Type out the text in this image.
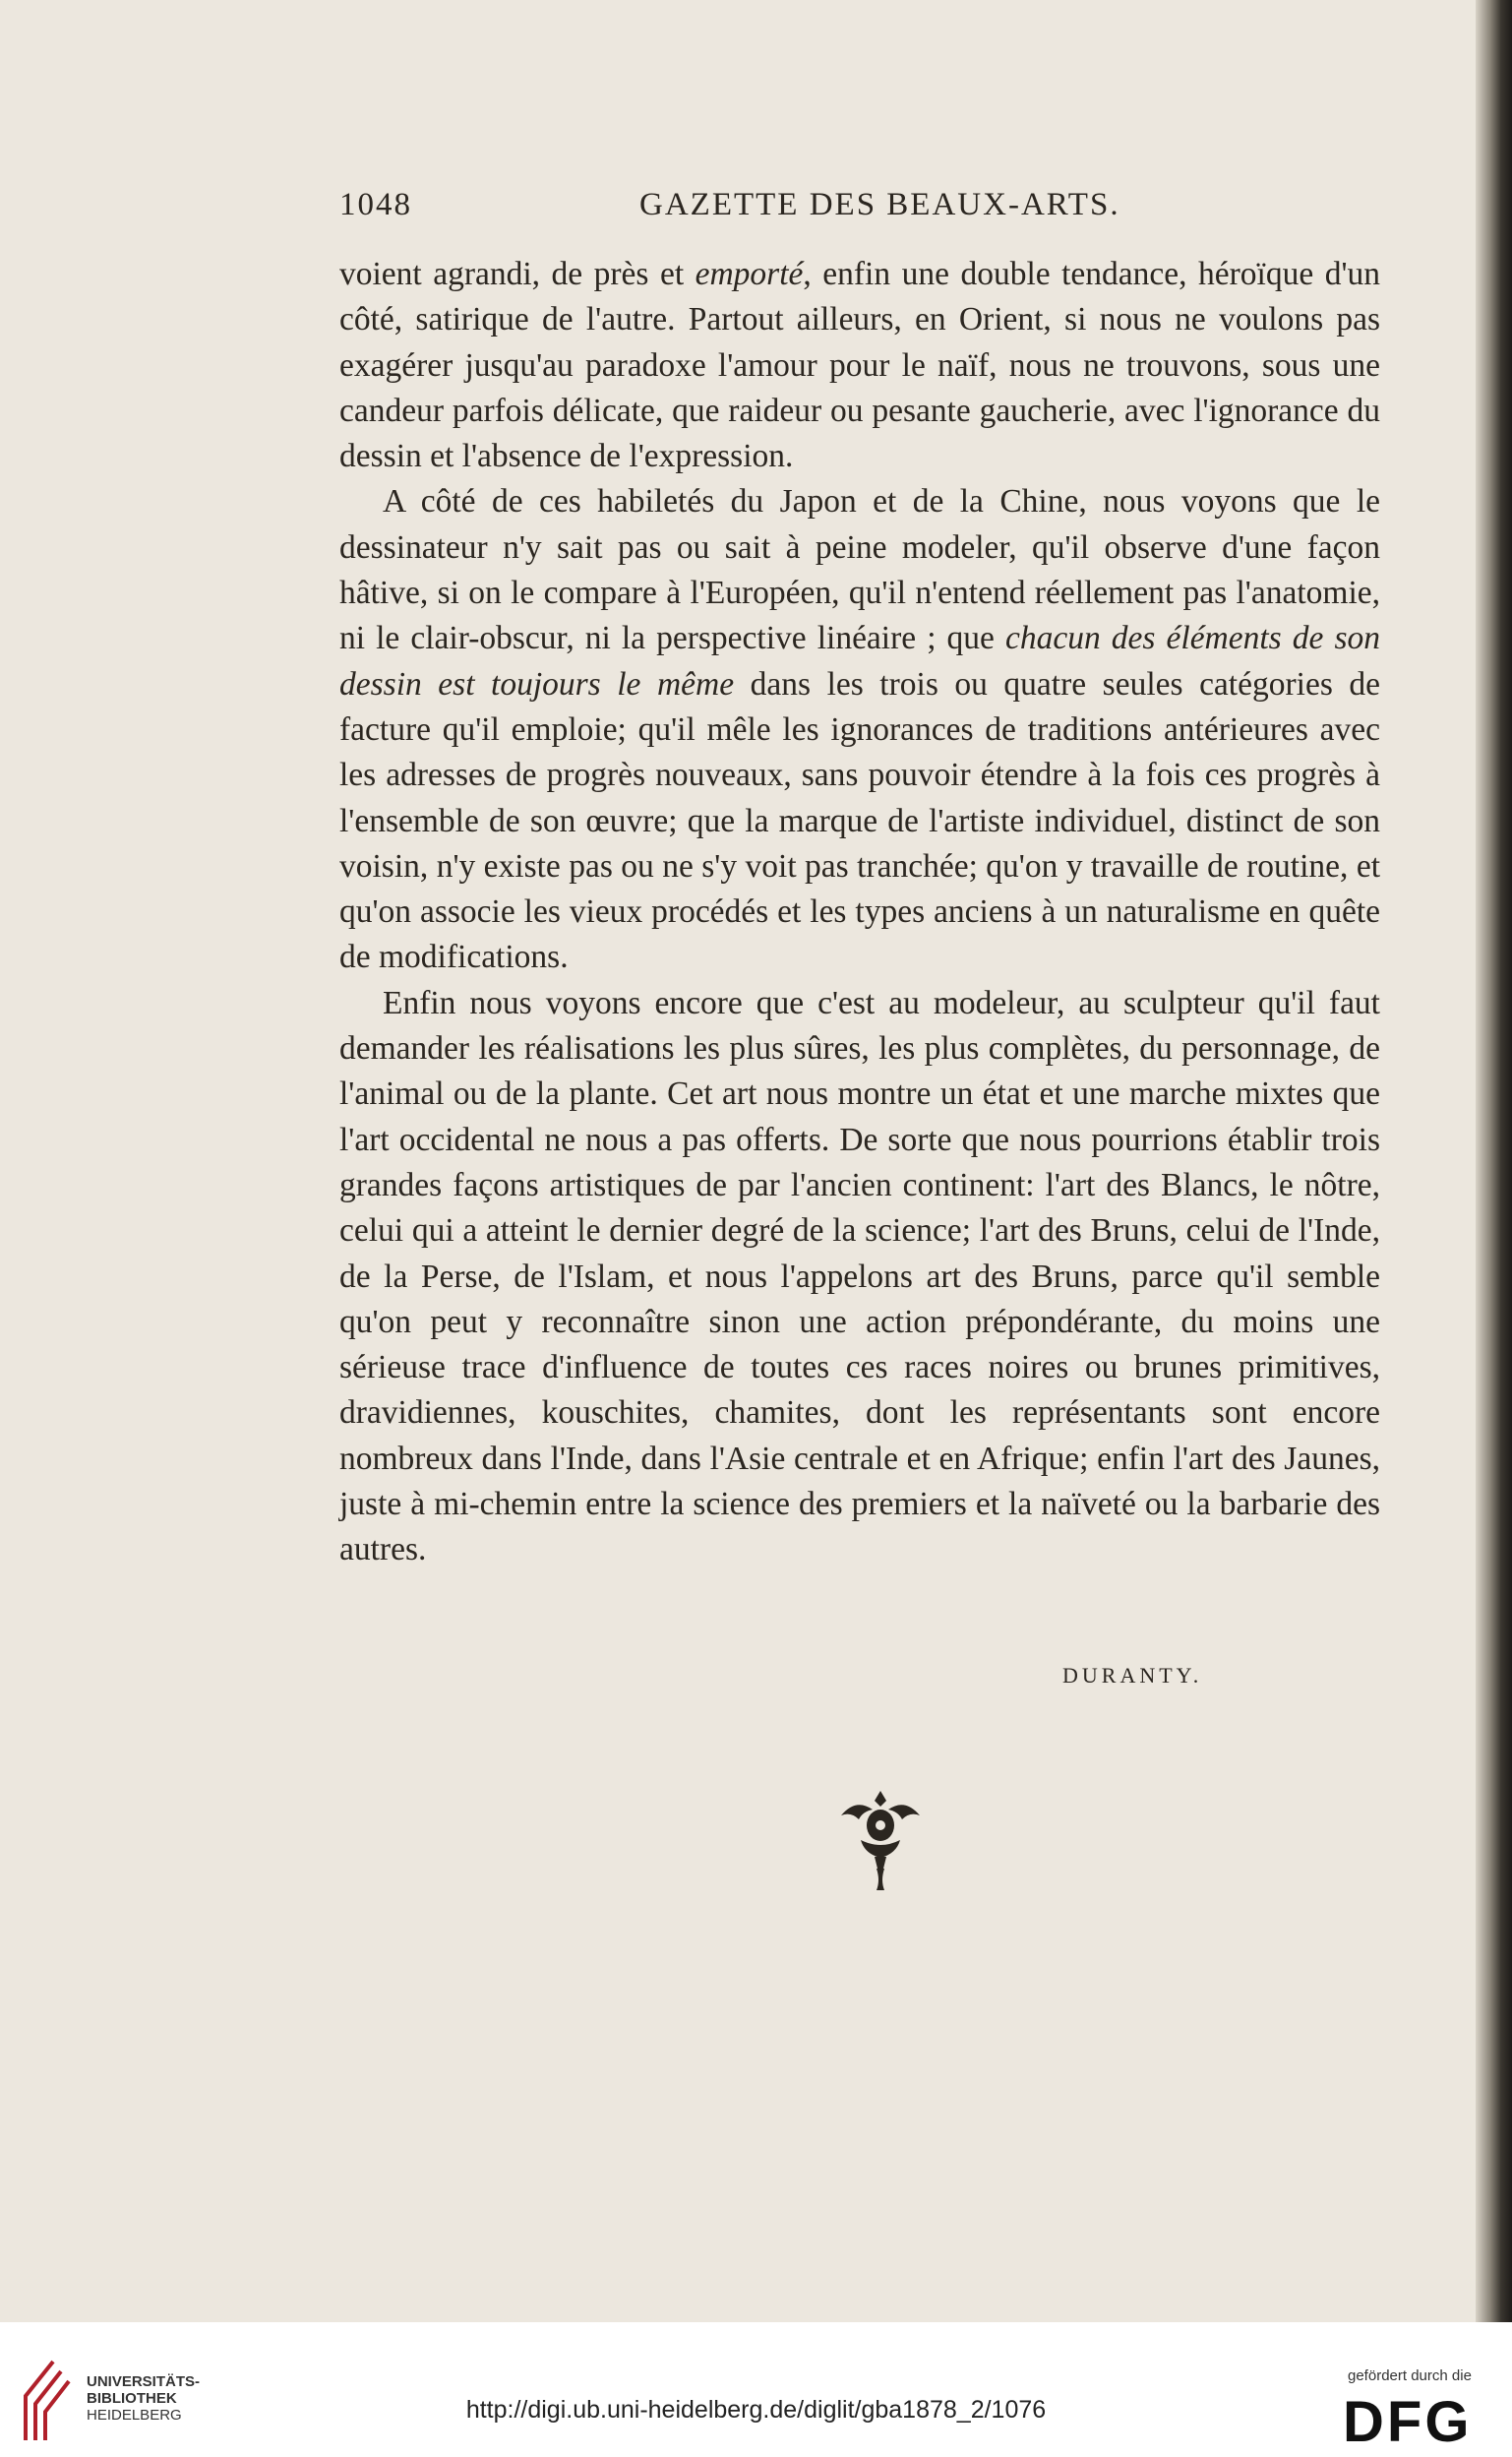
1048	GAZETTE DES BEAUX-ARTS.

voient agrandi, de près et emporté, enfin une double tendance, héroïque d'un côté, satirique de l'autre. Partout ailleurs, en Orient, si nous ne voulons pas exagérer jusqu'au paradoxe l'amour pour le naïf, nous ne trouvons, sous une candeur parfois délicate, que raideur ou pesante gaucherie, avec l'ignorance du dessin et l'absence de l'expression.

A côté de ces habiletés du Japon et de la Chine, nous voyons que le dessinateur n'y sait pas ou sait à peine modeler, qu'il observe d'une façon hâtive, si on le compare à l'Européen, qu'il n'entend réellement pas l'anatomie, ni le clair-obscur, ni la perspective linéaire ; que chacun des éléments de son dessin est toujours le même dans les trois ou quatre seules catégories de facture qu'il emploie; qu'il mêle les ignorances de traditions antérieures avec les adresses de progrès nouveaux, sans pouvoir étendre à la fois ces progrès à l'ensemble de son œuvre; que la marque de l'artiste individuel, distinct de son voisin, n'y existe pas ou ne s'y voit pas tranchée; qu'on y travaille de routine, et qu'on associe les vieux procédés et les types anciens à un naturalisme en quête de modifications.

Enfin nous voyons encore que c'est au modeleur, au sculpteur qu'il faut demander les réalisations les plus sûres, les plus complètes, du personnage, de l'animal ou de la plante. Cet art nous montre un état et une marche mixtes que l'art occidental ne nous a pas offerts. De sorte que nous pourrions établir trois grandes façons artistiques de par l'ancien continent: l'art des Blancs, le nôtre, celui qui a atteint le dernier degré de la science; l'art des Bruns, celui de l'Inde, de la Perse, de l'Islam, et nous l'appelons art des Bruns, parce qu'il semble qu'on peut y reconnaître sinon une action prépondérante, du moins une sérieuse trace d'influence de toutes ces races noires ou brunes primitives, dravidiennes, kouschites, chamites, dont les représentants sont encore nombreux dans l'Inde, dans l'Asie centrale et en Afrique; enfin l'art des Jaunes, juste à mi-chemin entre la science des premiers et la naïveté ou la barbarie des autres.

DURANTY.
UNIVERSITÄTS-
BIBLIOTHEK
HEIDELBERG	http://digi.ub.uni-heidelberg.de/diglit/gba1878_2/1076
gefördert durch die
DFG
